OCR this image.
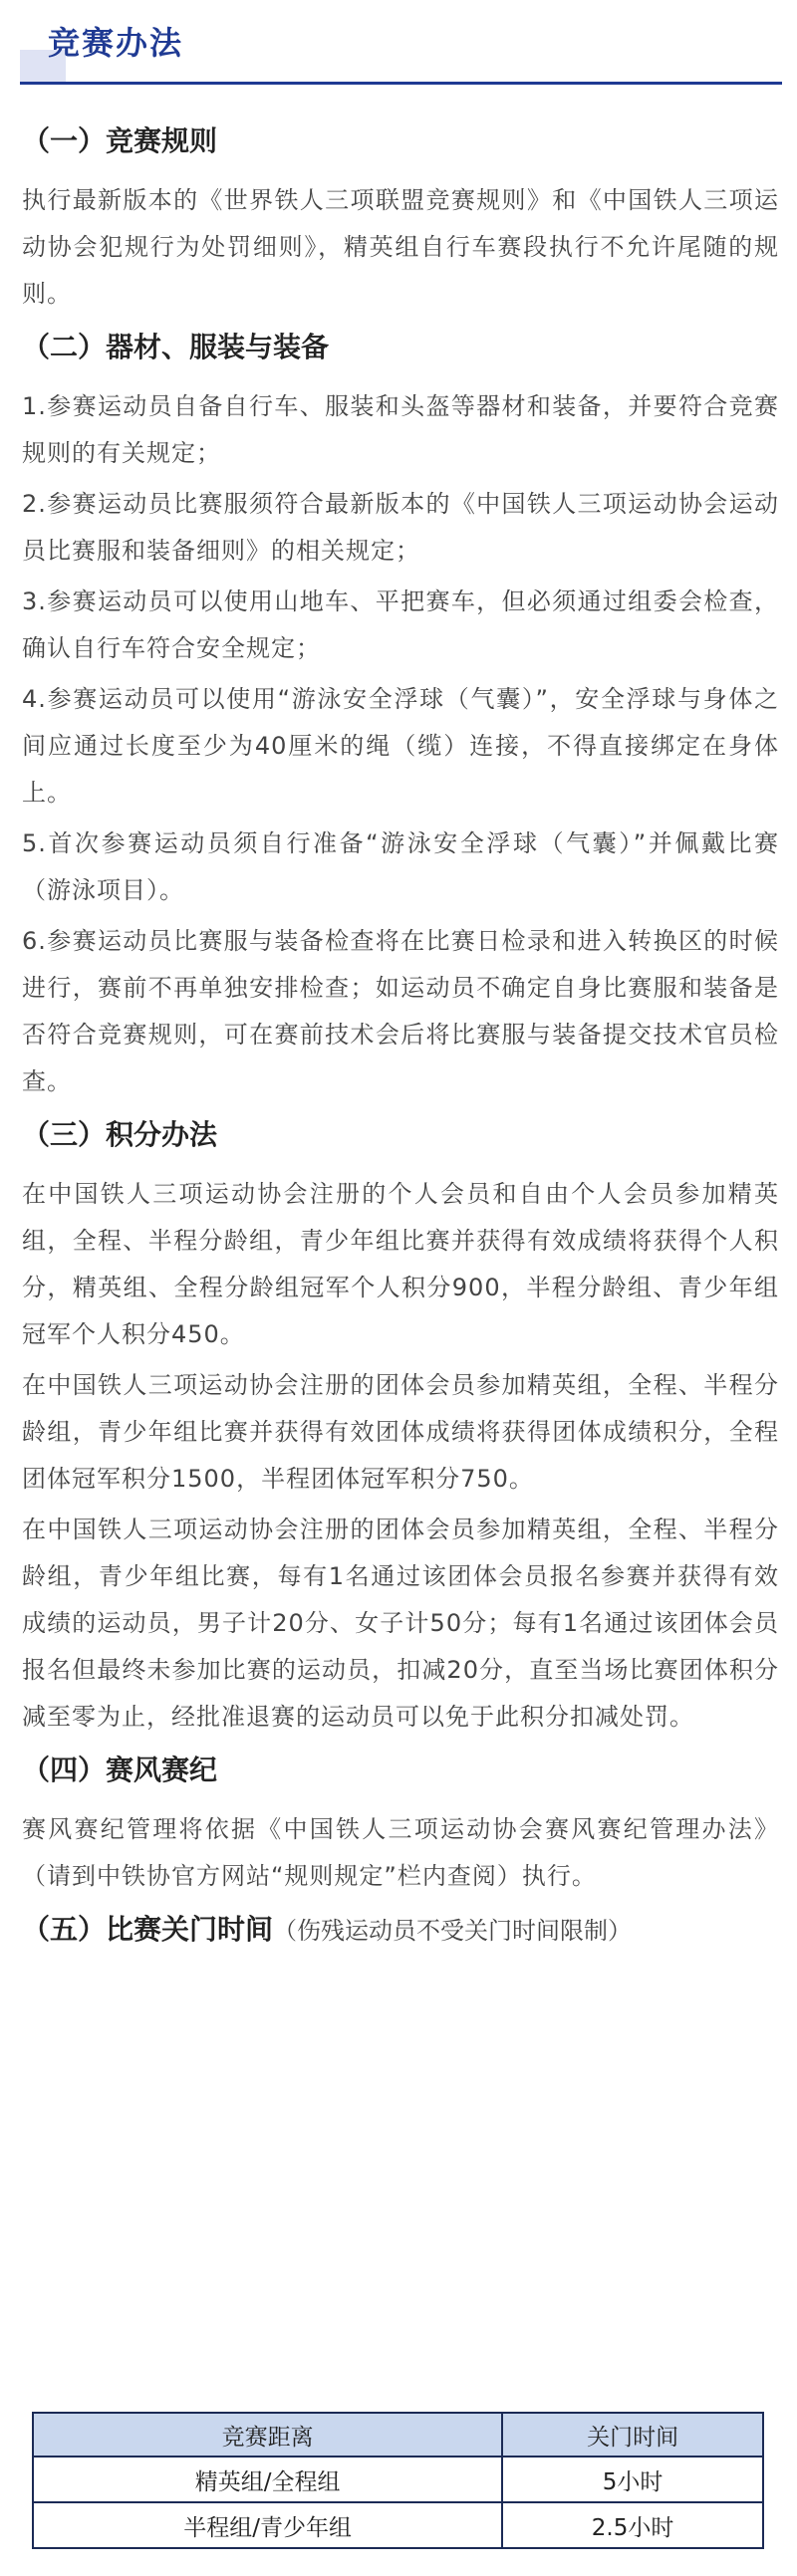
竞赛办法
（一）竞赛规则

执行最新版本的《世界铁人三项联盟竞赛规则》和《中国铁人三项运动协会犯规行为处罚细则》，精英组自行车赛段执行不允许尾随的规则。

（二）器材、服装与装备

1.参赛运动员自备自行车、服装和头盔等器材和装备，并要符合竞赛规则的有关规定；

2.参赛运动员比赛服须符合最新版本的《中国铁人三项运动协会运动员比赛服和装备细则》的相关规定；

3.参赛运动员可以使用山地车、平把赛车，但必须通过组委会检查，确认自行车符合安全规定；

4.参赛运动员可以使用“游泳安全浮球（气囊）”，安全浮球与身体之间应通过长度至少为40厘米的绳（缆）连接，不得直接绑定在身体上。

5.首次参赛运动员须自行准备“游泳安全浮球（气囊）”并佩戴比赛（游泳项目）。

6.参赛运动员比赛服与装备检查将在比赛日检录和进入转换区的时候进行，赛前不再单独安排检查；如运动员不确定自身比赛服和装备是否符合竞赛规则，可在赛前技术会后将比赛服与装备提交技术官员检查。

（三）积分办法

在中国铁人三项运动协会注册的个人会员和自由个人会员参加精英组，全程、半程分龄组，青少年组比赛并获得有效成绩将获得个人积分，精英组、全程分龄组冠军个人积分900，半程分龄组、青少年组冠军个人积分450。

在中国铁人三项运动协会注册的团体会员参加精英组，全程、半程分龄组，青少年组比赛并获得有效团体成绩将获得团体成绩积分，全程团体冠军积分1500，半程团体冠军积分750。

在中国铁人三项运动协会注册的团体会员参加精英组，全程、半程分龄组，青少年组比赛，每有1名通过该团体会员报名参赛并获得有效成绩的运动员，男子计20分、女子计50分；每有1名通过该团体会员报名但最终未参加比赛的运动员，扣减20分，直至当场比赛团体积分减至零为止，经批准退赛的运动员可以免于此积分扣减处罚。

（四）赛风赛纪

赛风赛纪管理将依据《中国铁人三项运动协会赛风赛纪管理办法》（请到中铁协官方网站“规则规定”栏内查阅）执行。

（五）比赛关门时间（伤残运动员不受关门时间限制）
竞赛距离	关门时间
精英组/全程组	5小时
半程组/青少年组	2.5小时
